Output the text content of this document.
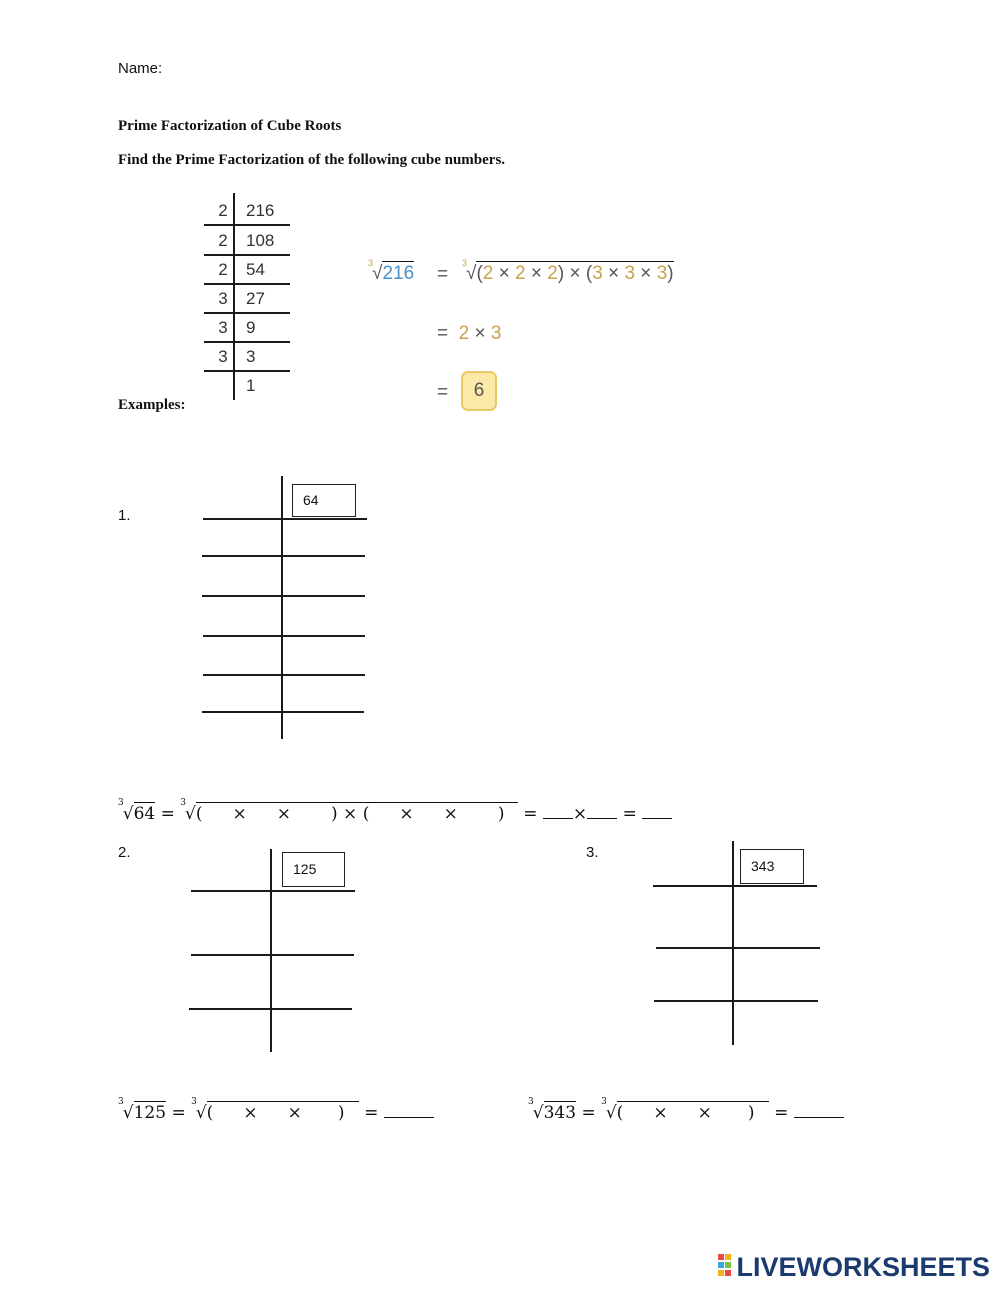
Name:
Prime Factorization of Cube Roots
Find the Prime Factorization of the following cube numbers.
Examples:
2 216
2 108
2 54
3 27
3 9
3 3
1
$^3$√216 =
$^3$√(2 × 2 × 2) × (3 × 3 × 3)
= 2 × 3
=	6
1.
64
3√64 = 3√( × × ) × ( × × ) = × =
2.
125
3√125 = 3√( × × ) =
3.
343
3√343 = 3√( × × ) =
LIVEWORKSHEETS
